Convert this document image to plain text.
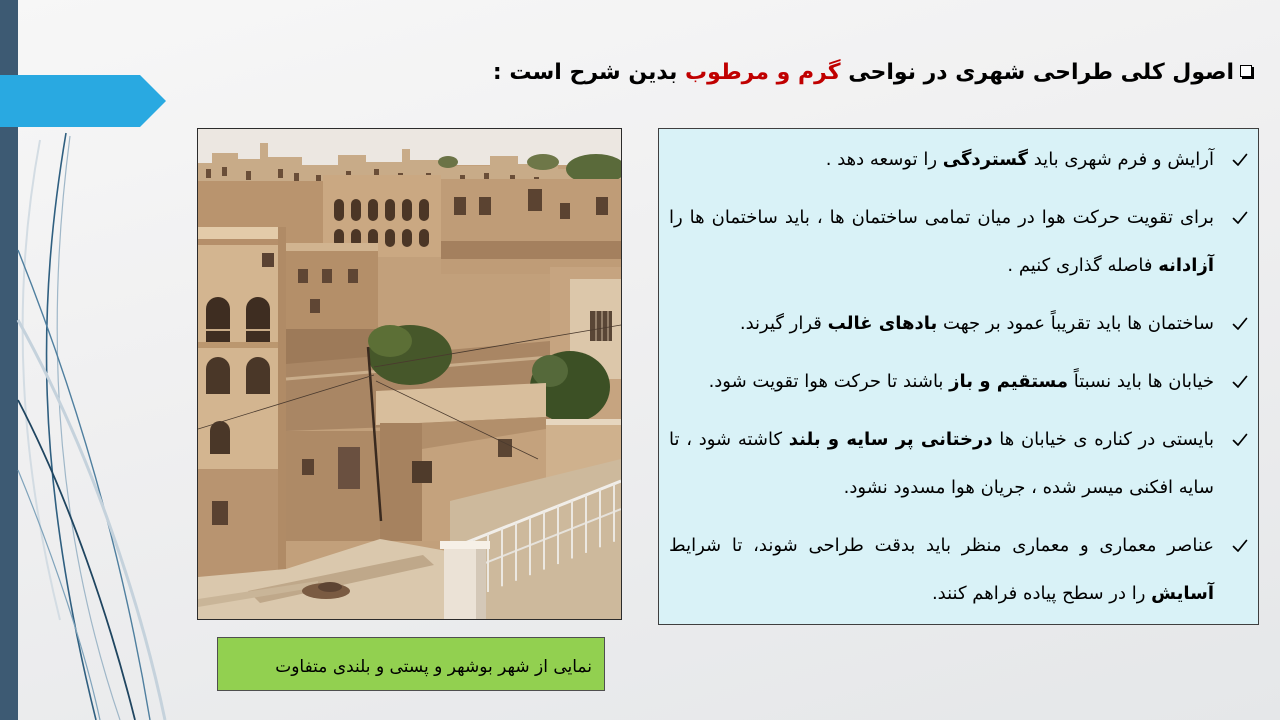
اصول کلی طراحی شهری در نواحی گرم و مرطوب بدین شرح است :
نمایی از شهر بوشهر و پستی و بلندی متفاوت
آرایش و فرم شهری باید گستردگی را توسعه دهد .
برای تقویت حرکت هوا در میان تمامی ساختمان ها ، باید ساختمان ها را آزادانه فاصله گذاری کنیم .
ساختمان ها باید تقریباً عمود بر جهت بادهای غالب قرار گیرند.
خیابان ها باید نسبتاً مستقیم و باز باشند تا حرکت هوا تقویت شود.
بایستی در کناره ی خیابان ها درختانی پر سایه و بلند کاشته شود ، تا سایه افکنی میسر شده ، جریان هوا مسدود نشود.
عناصر معماری و معماری منظر باید بدقت طراحی شوند، تا شرایط آسایش را در سطح پیاده فراهم کنند.
